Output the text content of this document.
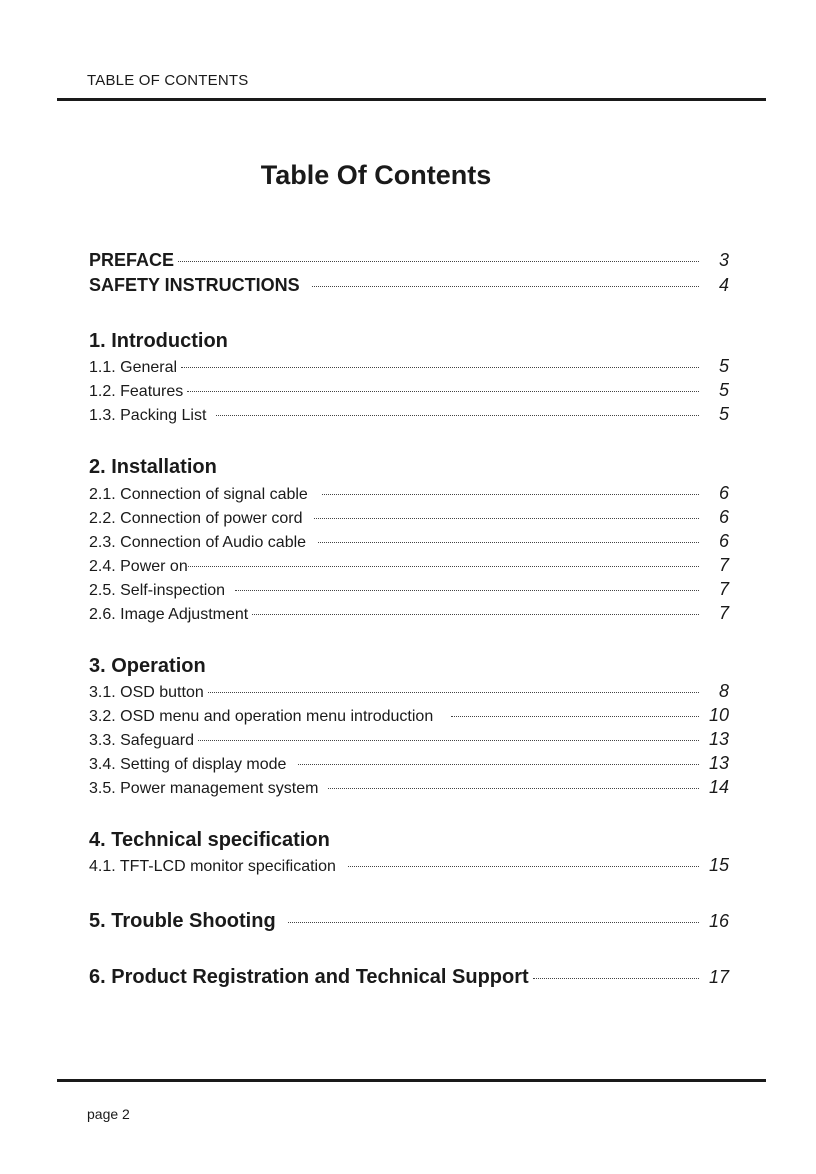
TABLE OF CONTENTS
Table Of Contents
PREFACE	3
SAFETY INSTRUCTIONS	4
1. Introduction
1.1. General	5
1.2. Features	5
1.3. Packing List	5
2. Installation
2.1. Connection of signal cable	6
2.2. Connection of power cord	6
2.3. Connection of Audio cable	6
2.4. Power on	7
2.5. Self-inspection	7
2.6. Image Adjustment	7
3. Operation
3.1. OSD button	8
3.2. OSD menu and operation menu introduction	10
3.3. Safeguard	13
3.4. Setting of display mode	13
3.5. Power management system	14
4. Technical specification
4.1. TFT-LCD monitor specification	15
5. Trouble Shooting	16
6. Product Registration and Technical Support	17
page 2
